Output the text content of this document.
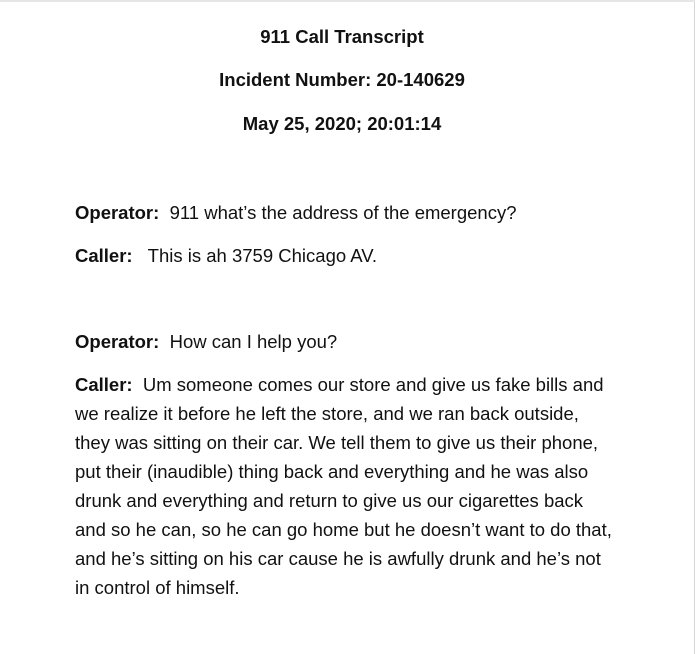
911 Call Transcript
Incident Number: 20-140629
May 25, 2020; 20:01:14

Operator: 911 what’s the address of the emergency?

Caller: This is ah 3759 Chicago AV.

Operator: How can I help you?

Caller: Um someone comes our store and give us fake bills and we realize it before he left the store, and we ran back outside, they was sitting on their car. We tell them to give us their phone, put their (inaudible) thing back and everything and he was also drunk and everything and return to give us our cigarettes back and so he can, so he can go home but he doesn’t want to do that, and he’s sitting on his car cause he is awfully drunk and he’s not in control of himself.
